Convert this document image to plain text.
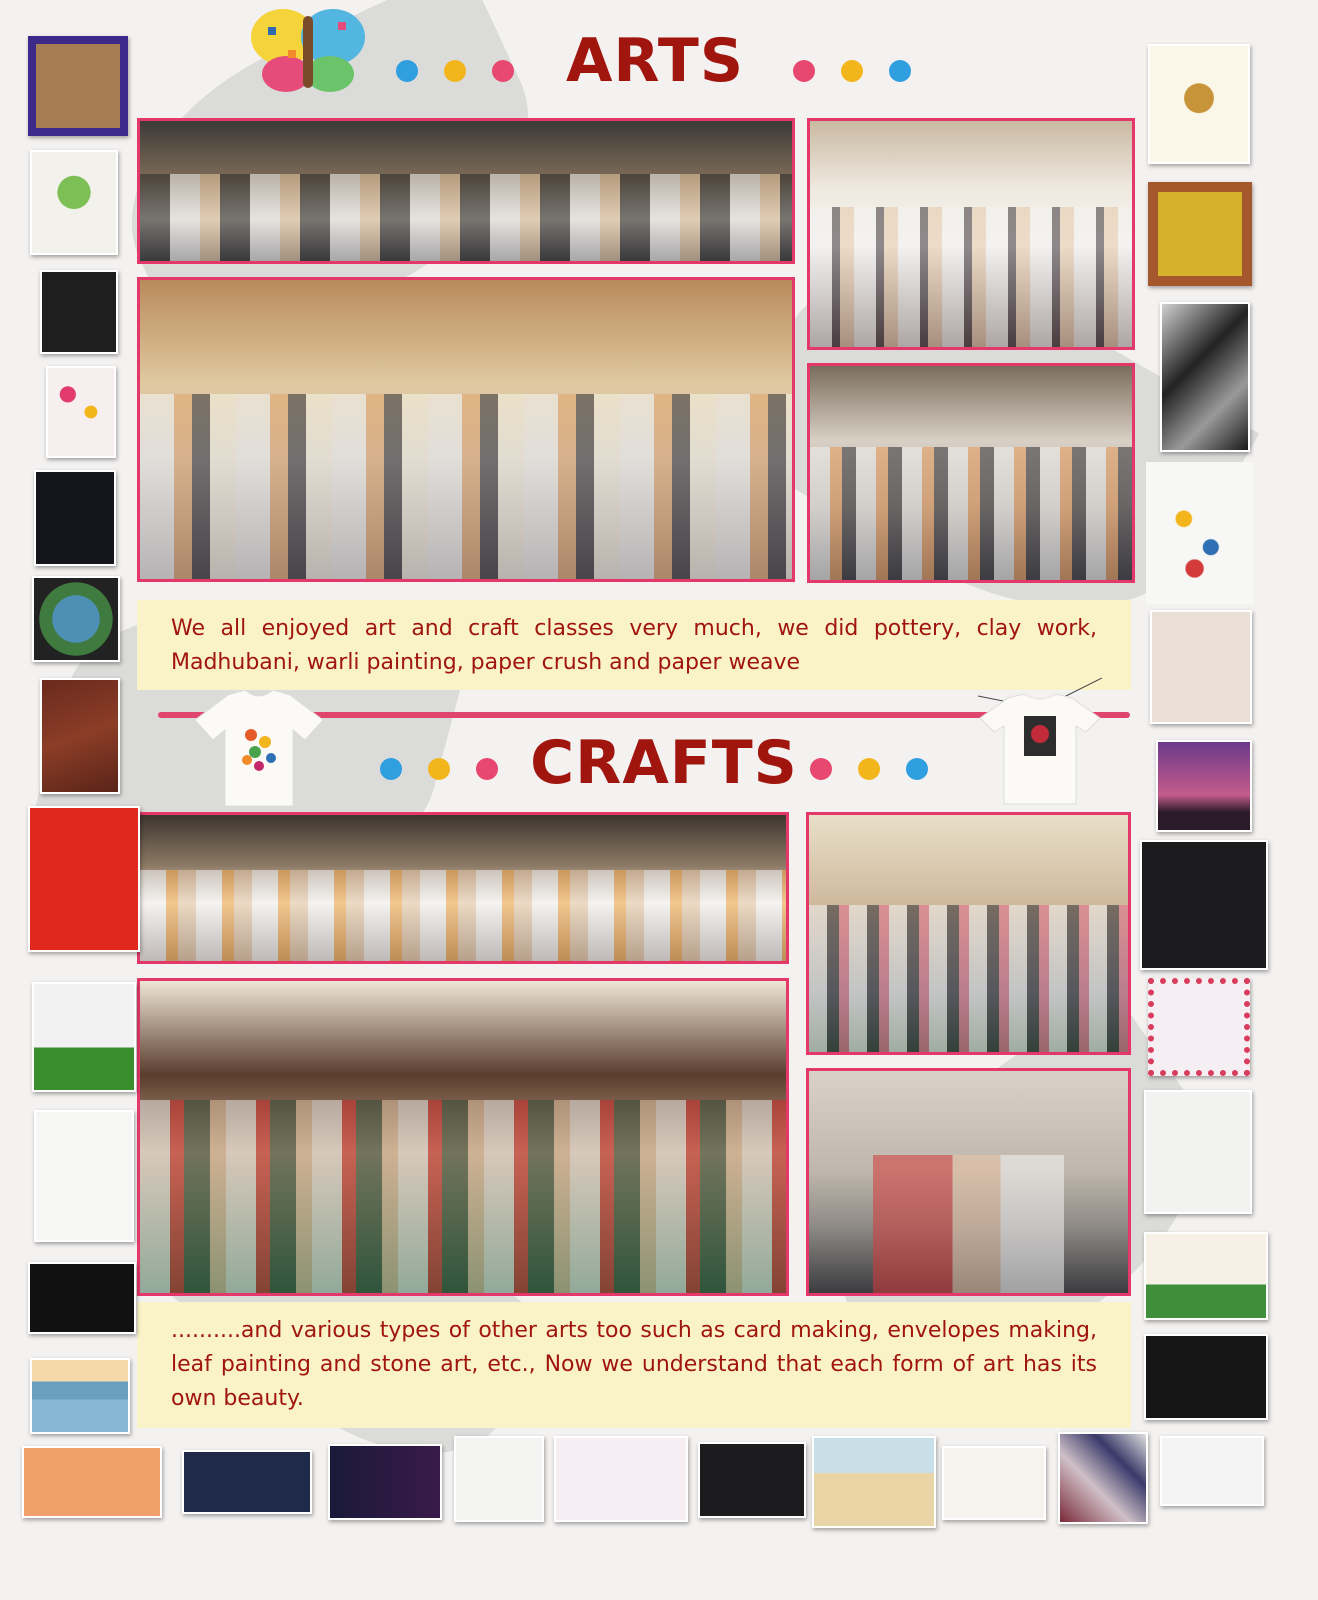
ARTS
We all enjoyed art and craft classes very much, we did pottery, clay work, Madhubani, warli painting, paper crush and paper weave
CRAFTS
..........and various types of other arts too such as card making, envelopes making, leaf painting and stone art, etc., Now we understand that each form of art has its own beauty.
